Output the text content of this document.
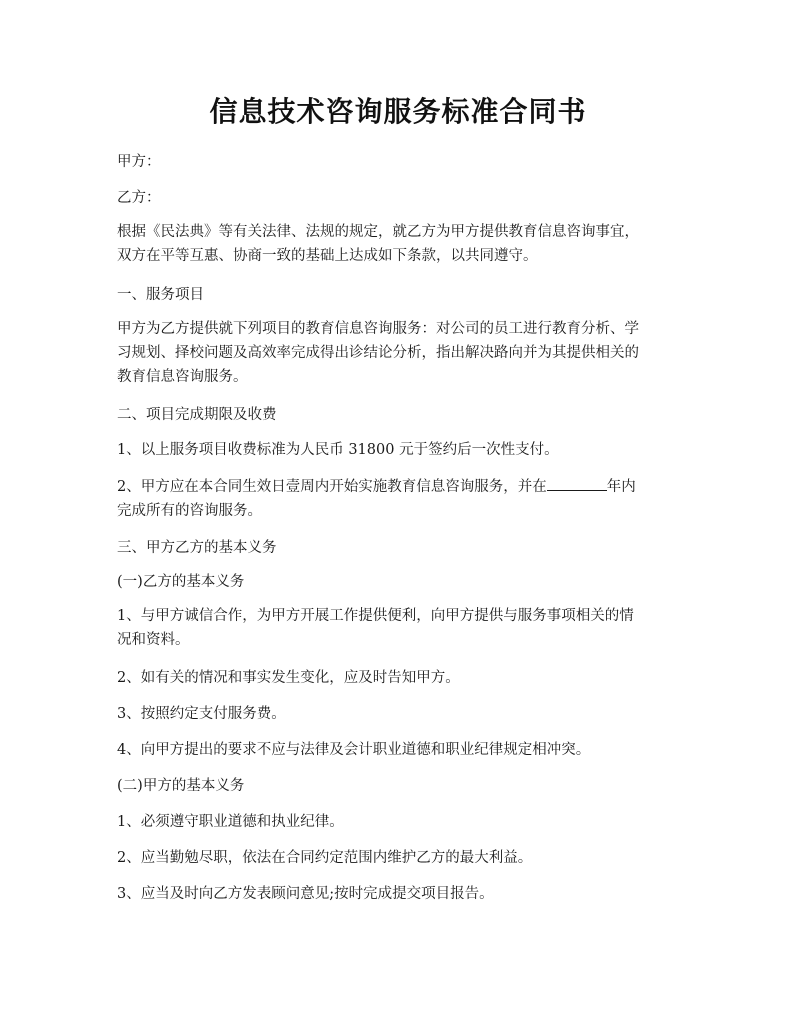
信息技术咨询服务标准合同书

甲方：

乙方：

根据《民法典》等有关法律、法规的规定，就乙方为甲方提供教育信息咨询事宜，
双方在平等互惠、协商一致的基础上达成如下条款，以共同遵守。

一、服务项目

甲方为乙方提供就下列项目的教育信息咨询服务：对公司的员工进行教育分析、学
习规划、择校问题及高效率完成得出诊结论分析，指出解决路向并为其提供相关的
教育信息咨询服务。

二、项目完成期限及收费

1、以上服务项目收费标准为人民币 31800 元于签约后一次性支付。

2、甲方应在本合同生效日壹周内开始实施教育信息咨询服务，并在	年内
完成所有的咨询服务。

三、甲方乙方的基本义务

(一)乙方的基本义务

1、与甲方诚信合作，为甲方开展工作提供便利，向甲方提供与服务事项相关的情
况和资料。

2、如有关的情况和事实发生变化，应及时告知甲方。

3、按照约定支付服务费。

4、向甲方提出的要求不应与法律及会计职业道德和职业纪律规定相冲突。

(二)甲方的基本义务

1、必须遵守职业道德和执业纪律。

2、应当勤勉尽职，依法在合同约定范围内维护乙方的最大利益。

3、应当及时向乙方发表顾问意见;按时完成提交项目报告。
